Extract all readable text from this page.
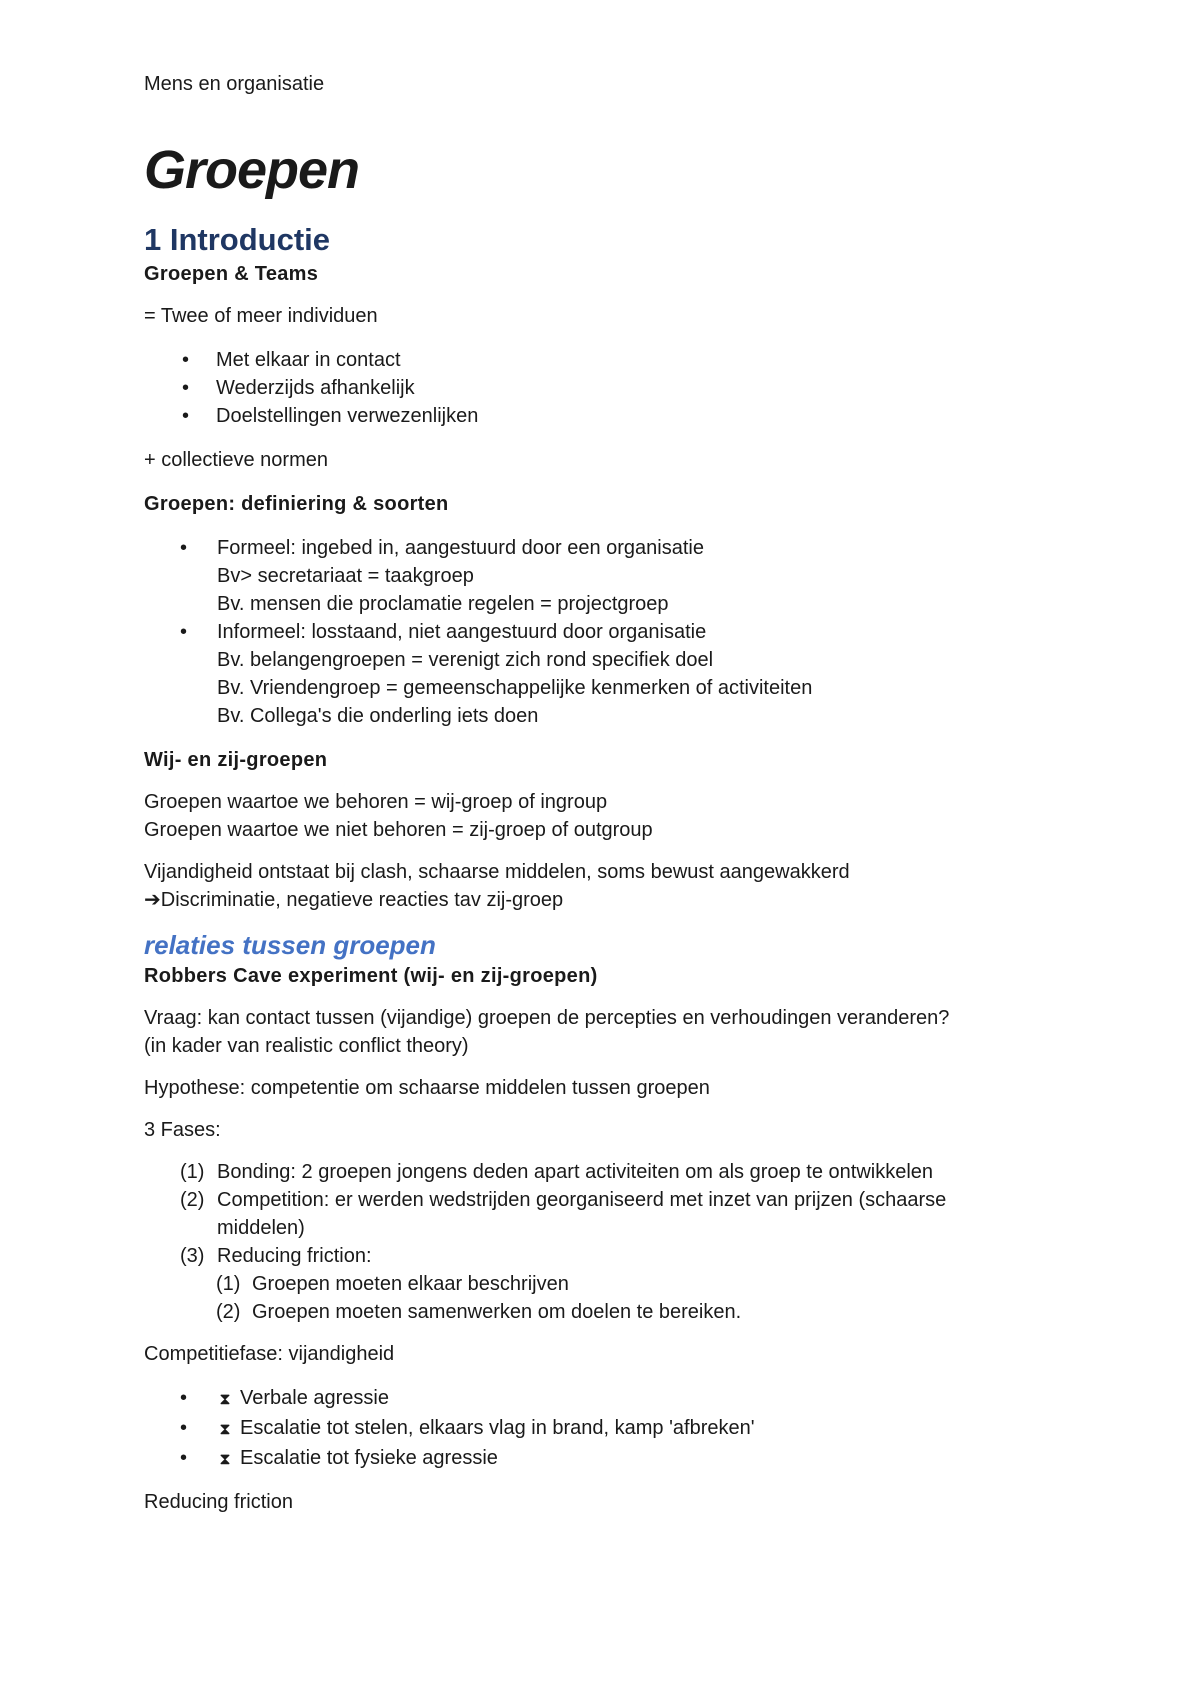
Mens en organisatie
Groepen
1 Introductie
Groepen & Teams
= Twee of meer individuen
• Met elkaar in contact
• Wederzijds afhankelijk
• Doelstellingen verwezenlijken
+ collectieve normen
Groepen: definiering & soorten
• Formeel: ingebed in, aangestuurd door een organisatie
Bv> secretariaat = taakgroep
Bv. mensen die proclamatie regelen = projectgroep
• Informeel: losstaand, niet aangestuurd door organisatie
Bv. belangengroepen = verenigt zich rond specifiek doel
Bv. Vriendengroep = gemeenschappelijke kenmerken of activiteiten
Bv. Collega's die onderling iets doen
Wij- en zij-groepen
Groepen waartoe we behoren = wij-groep of ingroup
Groepen waartoe we niet behoren = zij-groep of outgroup
Vijandigheid ontstaat bij clash, schaarse middelen, soms bewust aangewakkerd
➔Discriminatie, negatieve reacties tav zij-groep
relaties tussen groepen
Robbers Cave experiment (wij- en zij-groepen)
Vraag: kan contact tussen (vijandige) groepen de percepties en verhoudingen veranderen?
(in kader van realistic conflict theory)
Hypothese: competentie om schaarse middelen tussen groepen
3 Fases:
(1) Bonding: 2 groepen jongens deden apart activiteiten om als groep te ontwikkelen
(2) Competition: er werden wedstrijden georganiseerd met inzet van prijzen (schaarse
middelen)
(3) Reducing friction:
(1) Groepen moeten elkaar beschrijven
(2) Groepen moeten samenwerken om doelen te bereiken.
Competitiefase: vijandigheid
• ⧗ Verbale agressie
• ⧗ Escalatie tot stelen, elkaars vlag in brand, kamp 'afbreken'
• ⧗ Escalatie tot fysieke agressie
Reducing friction
